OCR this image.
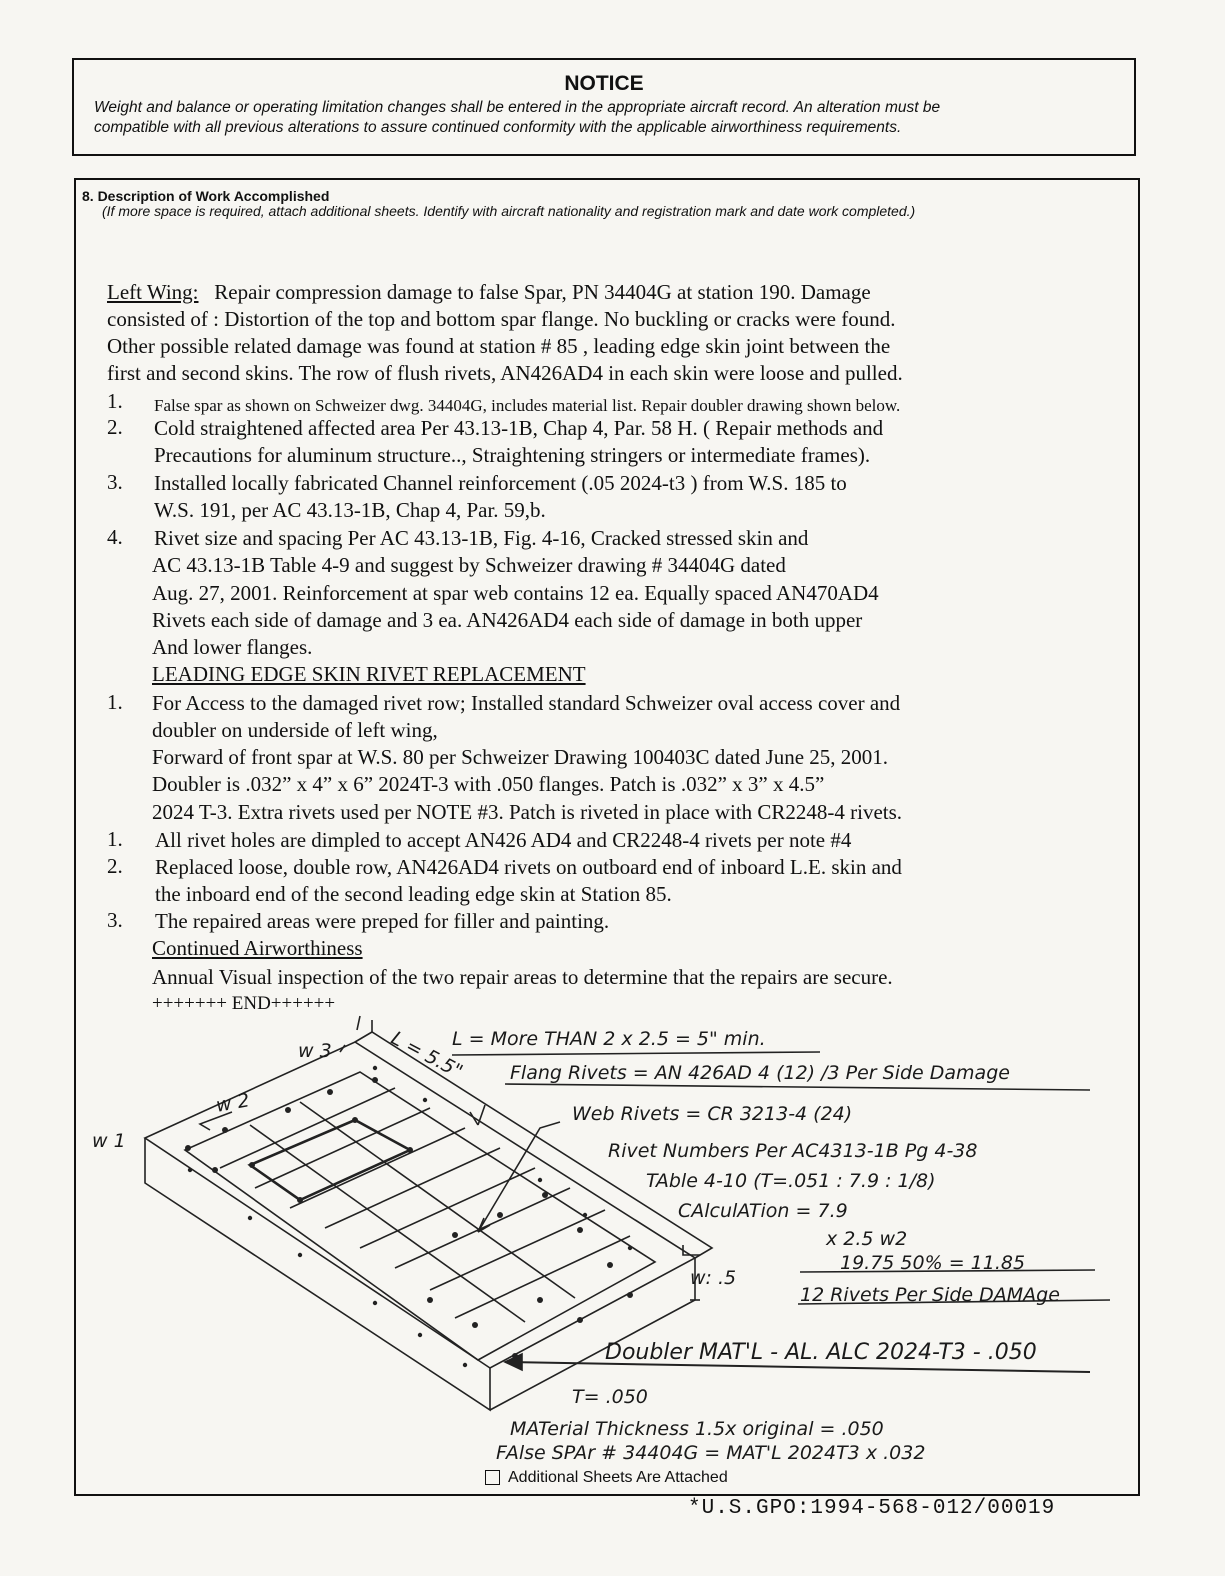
NOTICE
Weight and balance or operating limitation changes shall be entered in the appropriate aircraft record. An alteration must be
compatible with all previous alterations to assure continued conformity with the applicable airworthiness requirements.
8. Description of Work Accomplished
(If more space is required, attach additional sheets. Identify with aircraft nationality and registration mark and date work completed.)
Left Wing: Repair compression damage to false Spar, PN 34404G at station 190. Damage
consisted of : Distortion of the top and bottom spar flange. No buckling or cracks were found.
Other possible related damage was found at station # 85 , leading edge skin joint between the
first and second skins. The row of flush rivets, AN426AD4 in each skin were loose and pulled.
1. False spar as shown on Schweizer dwg. 34404G, includes material list. Repair doubler drawing shown below.
2. Cold straightened affected area Per 43.13-1B, Chap 4, Par. 58 H. ( Repair methods and
Precautions for aluminum structure.., Straightening stringers or intermediate frames).
3. Installed locally fabricated Channel reinforcement (.05 2024-t3 ) from W.S. 185 to
W.S. 191, per AC 43.13-1B, Chap 4, Par. 59,b.
4. Rivet size and spacing Per AC 43.13-1B, Fig. 4-16, Cracked stressed skin and
AC 43.13-1B Table 4-9 and suggest by Schweizer drawing # 34404G dated
Aug. 27, 2001. Reinforcement at spar web contains 12 ea. Equally spaced AN470AD4
Rivets each side of damage and 3 ea. AN426AD4 each side of damage in both upper
And lower flanges.
LEADING EDGE SKIN RIVET REPLACEMENT
1. For Access to the damaged rivet row; Installed standard Schweizer oval access cover and
doubler on underside of left wing,
Forward of front spar at W.S. 80 per Schweizer Drawing 100403C dated June 25, 2001.
Doubler is .032” x 4” x 6” 2024T-3 with .050 flanges. Patch is .032” x 3” x 4.5”
2024 T-3. Extra rivets used per NOTE #3. Patch is riveted in place with CR2248-4 rivets.
1. All rivet holes are dimpled to accept AN426 AD4 and CR2248-4 rivets per note #4
2. Replaced loose, double row, AN426AD4 rivets on outboard end of inboard L.E. skin and
the inboard end of the second leading edge skin at Station 85.
3. The repaired areas were preped for filler and painting.
Continued Airworthiness
Annual Visual inspection of the two repair areas to determine that the repairs are secure.
+++++++ END++++++
L = More THAN 2 x 2.5 = 5" min.
w 3	L = 5.5" Flang Rivets = AN 426AD 4 (12) /3 Per Side Damage
w 2
w 1
Web Rivets = CR 3213-4 (24)
Rivet Numbers Per AC4313-1B Pg 4-38
TAble 4-10 (T=.051 : 7.9 : 1/8)
CAlculATion = 7.9
x 2.5 w2
19.75 50% = 11.85
w: .5
12 Rivets Per Side DAMAge
Doubler MAT'L - AL. ALC 2024-T3 - .050
T= .050
MATerial Thickness 1.5x original = .050
FAlse SPAr # 34404G = MAT'L 2024T3 x .032
Additional Sheets Are Attached
*U.S.GPO:1994-568-012/00019
